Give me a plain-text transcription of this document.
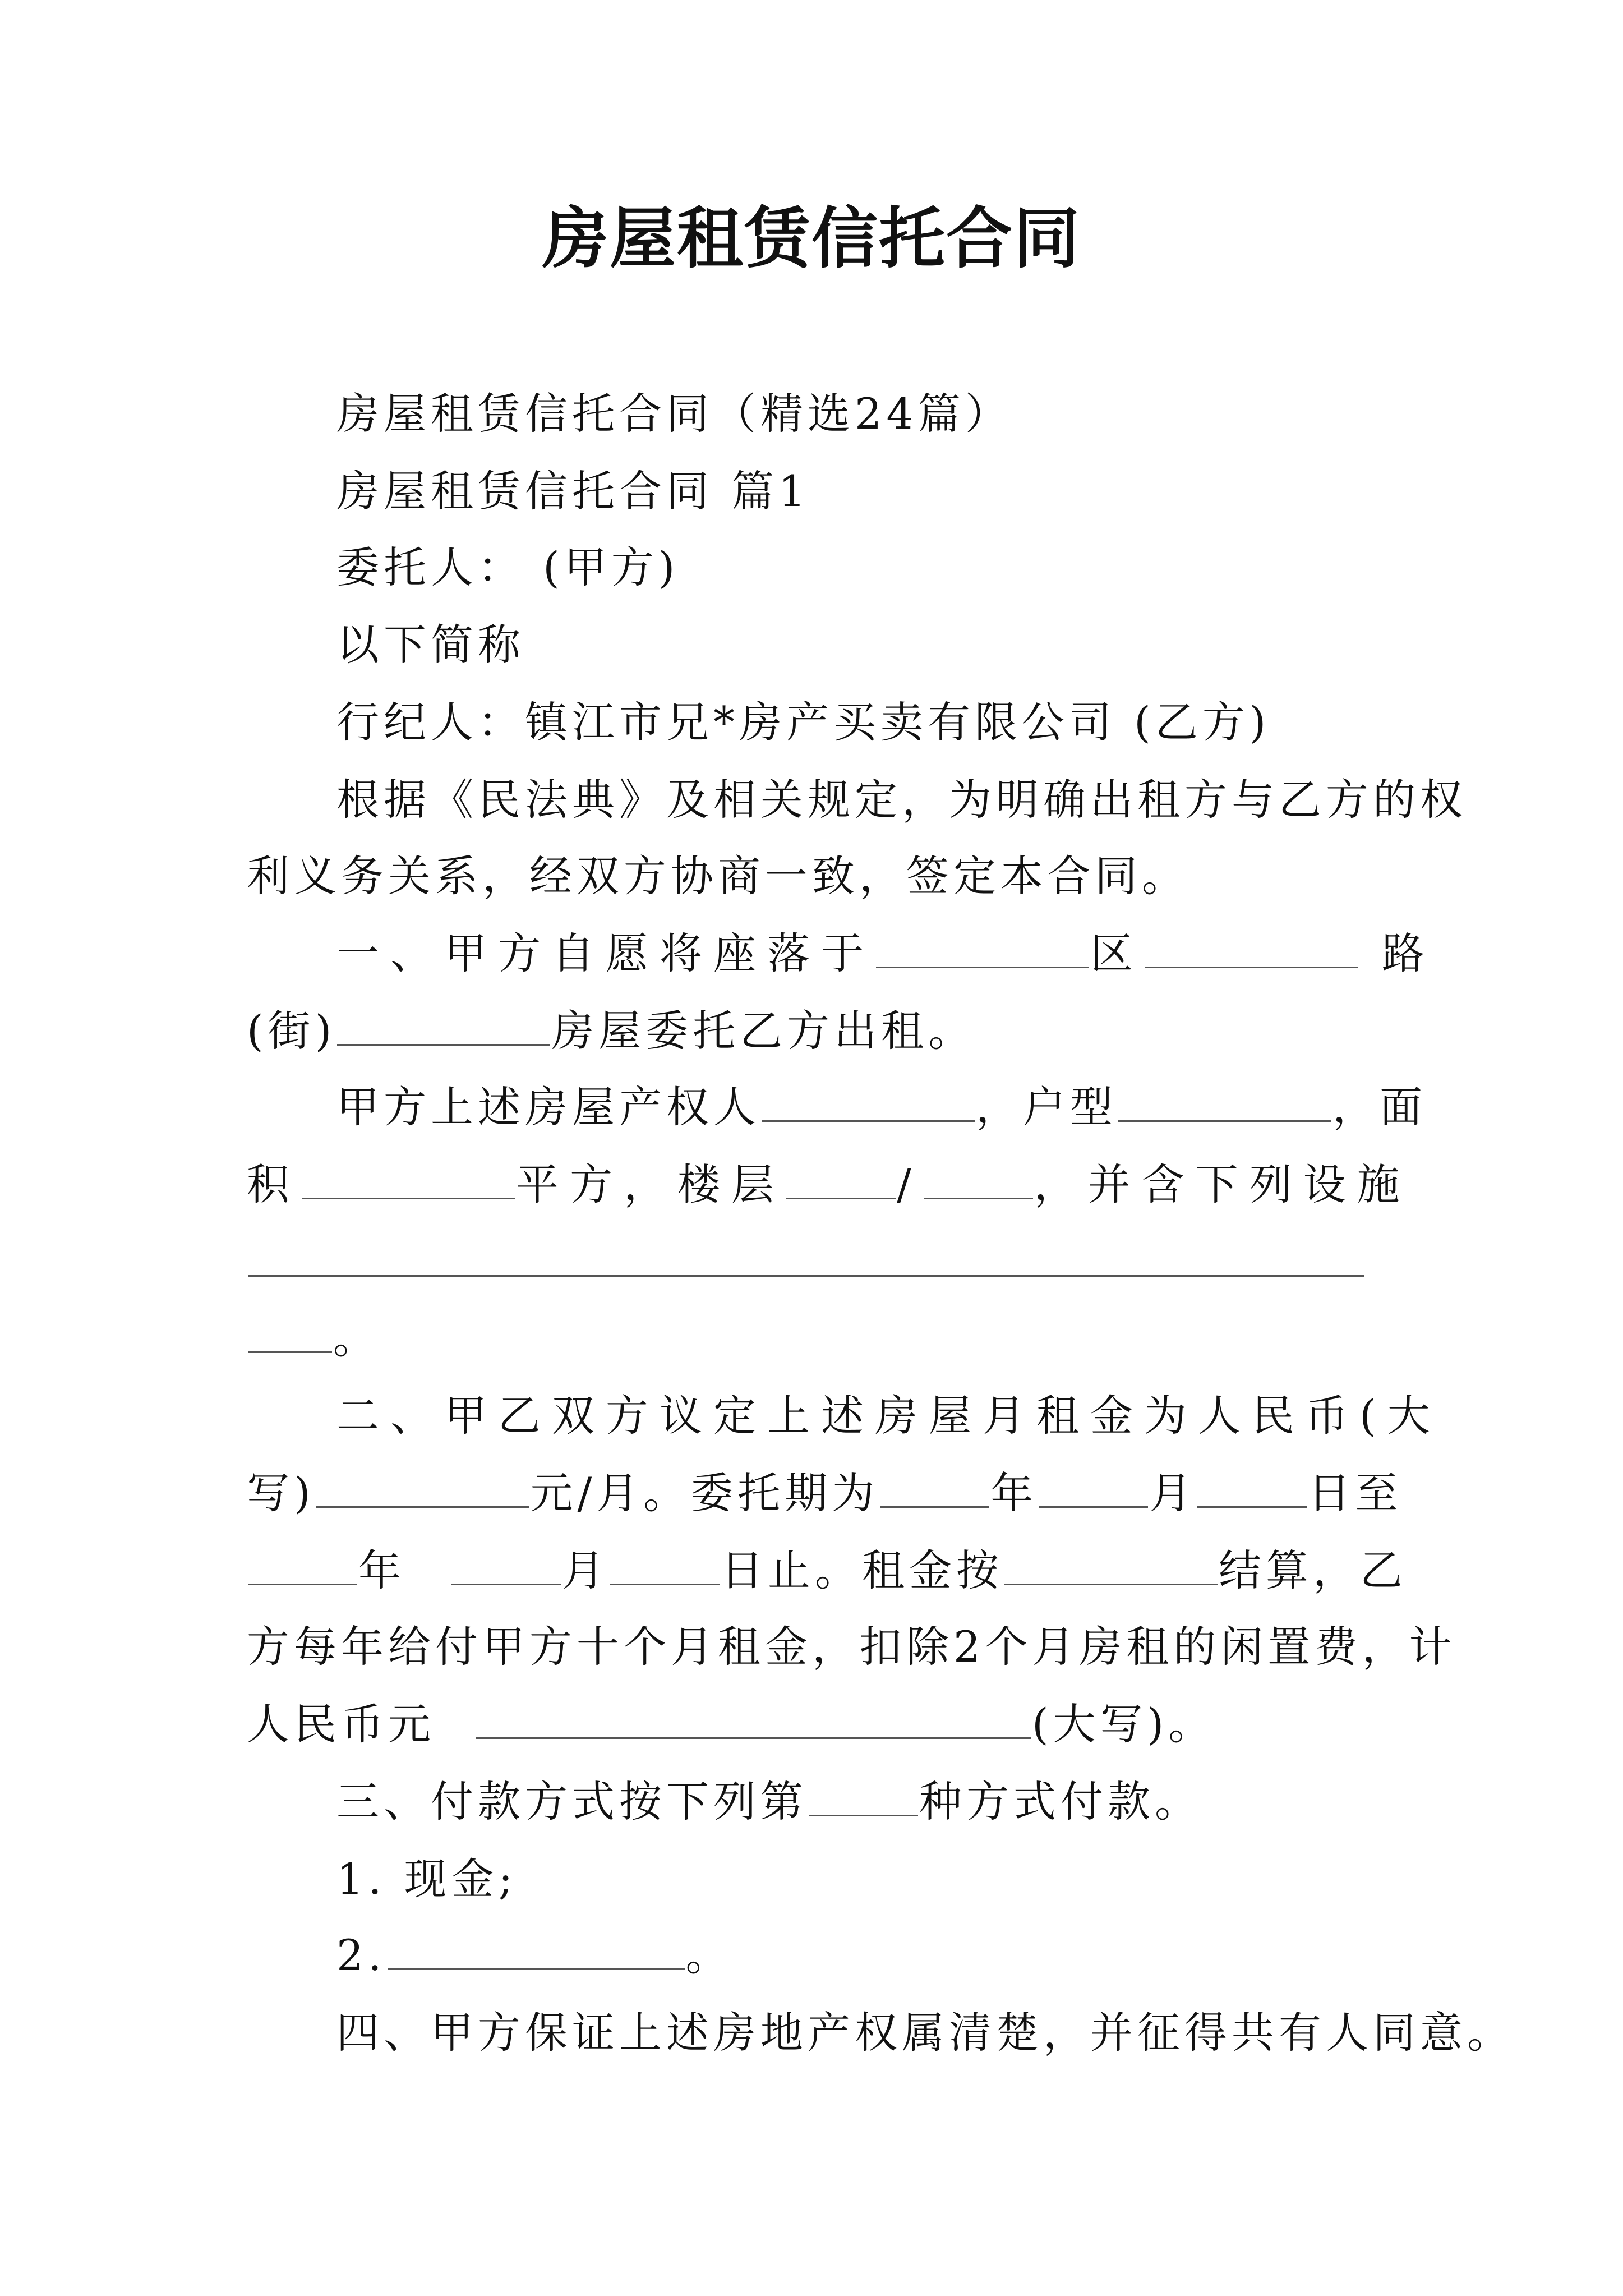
房屋租赁信托合同
房屋租赁信托合同（精选24篇）
房屋租赁信托合同 篇1
委托人： (甲方)
以下简称
行纪人：镇江市兄*房产买卖有限公司 (乙方)
根据《民法典》及相关规定，为明确出租方与乙方的权
利义务关系，经双方协商一致，签定本合同。
一、甲方自愿将座落于	区	路
(街)	房屋委托乙方出租。
甲方上述房屋产权人	，户型	，面
积	平方，楼层	/	，并含下列设施
。
二、甲乙双方议定上述房屋月租金为人民币(大
写)	元/月。委托期为	年	月	日至
年	月	日止。租金按	结算，乙
方每年给付甲方十个月租金，扣除2个月房租的闲置费，计
人民币元	(大写)。
三、付款方式按下列第	种方式付款。
1. 现金;
2.	。
四、甲方保证上述房地产权属清楚，并征得共有人同意。
